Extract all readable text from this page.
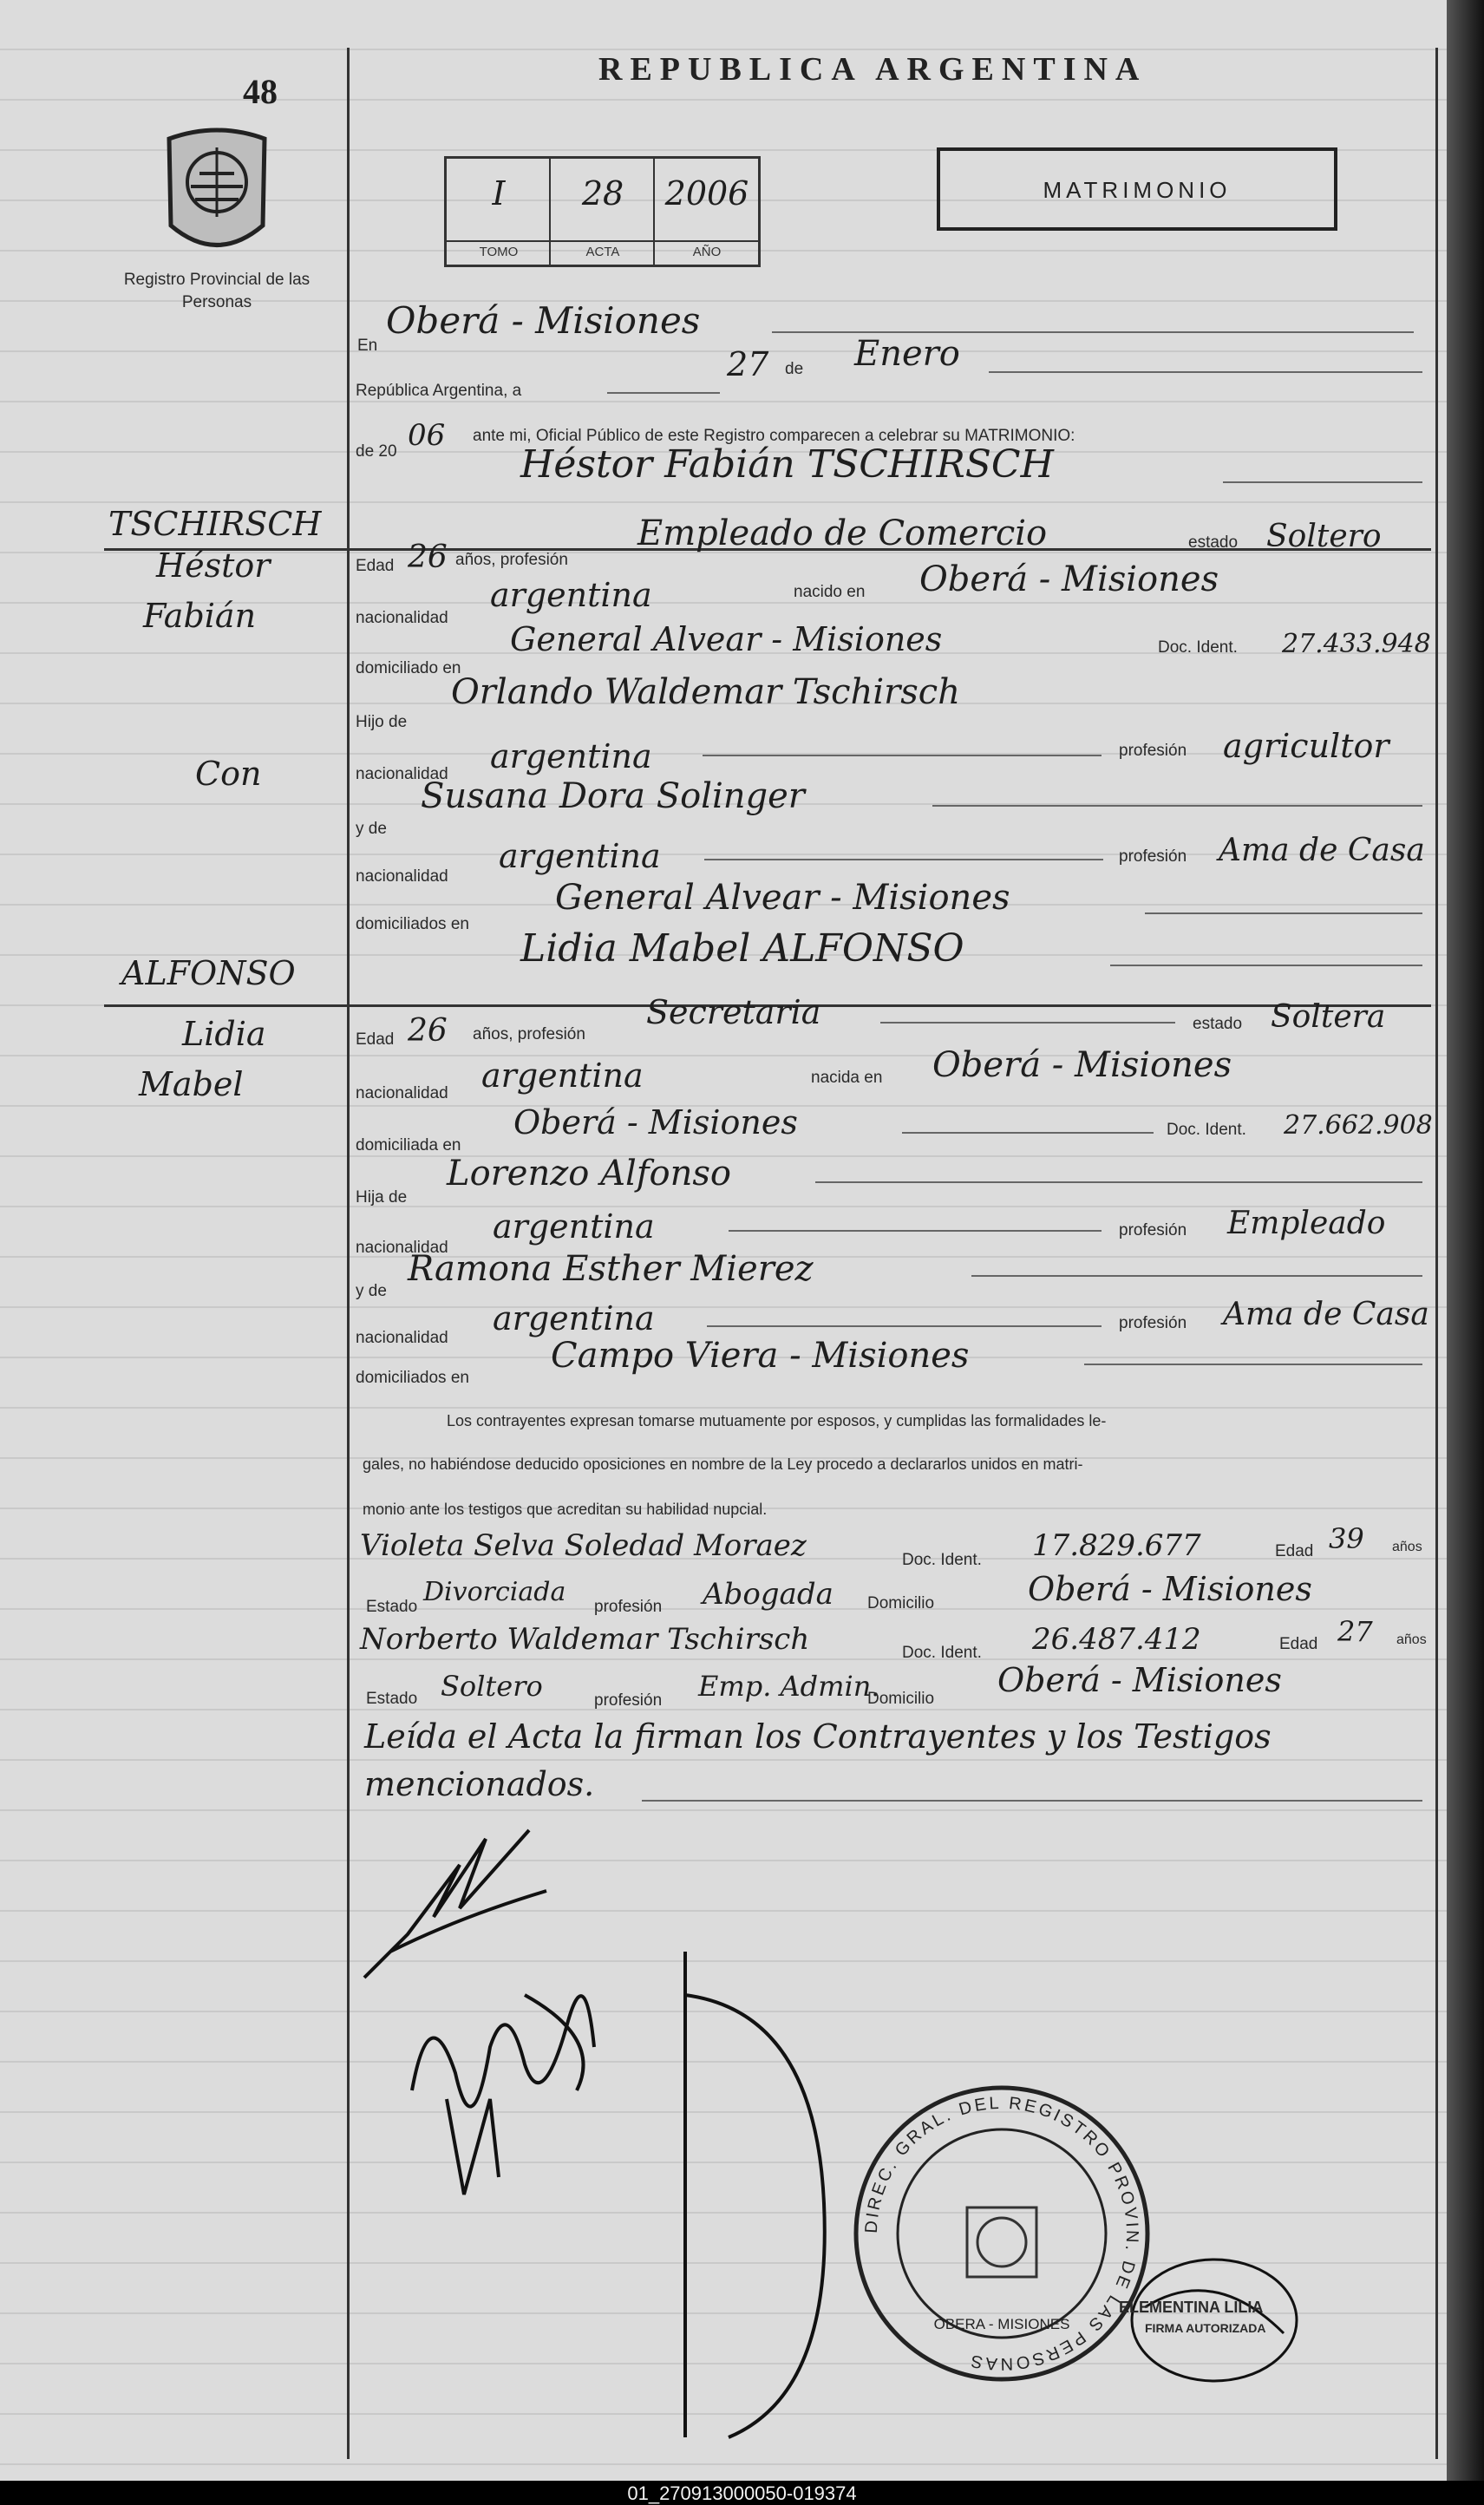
48
REPUBLICA ARGENTINA
Registro Provincial de las Personas
I
TOMO
28
ACTA
2006
AÑO
MATRIMONIO
En
Oberá - Misiones
República Argentina, a
27 de Enero
de 20 06 ante mi, Oficial Público de este Registro comparecen a celebrar su MATRIMONIO:
Héstor Fabián TSCHIRSCH
TSCHIRSCH
Héstor
Fabián
Edad 26 años, profesión
Empleado de Comercio	estado Soltero
nacionalidad
argentina	nacido en Oberá - Misiones
domiciliado en
General Alvear - Misiones	Doc. Ident. 27.433.948
Hijo de
Orlando Waldemar Tschirsch
nacionalidad argentina	profesión agricultor
y de
Susana Dora Solinger
nacionalidad
argentina	profesión Ama de Casa
domiciliados en
General Alvear - Misiones
Con
Lidia Mabel ALFONSO
ALFONSO
Lidia
Mabel
Edad 26 años, profesión
Secretaria	estado Soltera
nacionalidad argentina	nacida en Oberá - Misiones
domiciliada en
Oberá - Misiones	Doc. Ident. 27.662.908
Hija de
Lorenzo Alfonso
nacionalidad
argentina	profesión Empleado
y de
Ramona Esther Mierez
nacionalidad
argentina	profesión Ama de Casa
domiciliados en
Campo Viera - Misiones
Los contrayentes expresan tomarse mutuamente por esposos, y cumplidas las formalidades le-
gales, no habiéndose deducido oposiciones en nombre de la Ley procedo a declararlos unidos en matri-
monio ante los testigos que acreditan su habilidad nupcial.
Violeta Selva Soledad Moraez	Doc. Ident. 17.829.677	Edad 39 años
Estado Divorciada profesión Abogada Domicilio	Oberá - Misiones
Norberto Waldemar Tschirsch	Doc. Ident. 26.487.412	Edad 27 años
Estado Soltero	profesión Emp. Admin.
Domicilio Oberá - Misiones
Leída el Acta la firman los Contrayentes y los Testigos
mencionados.
DIREC. GRAL. DEL REGISTRO PROVIN. DE LAS PERSONAS
OBERA - MISIONES
ELEMENTINA LILIA
FIRMA AUTORIZADA
01_270913000050-019374
